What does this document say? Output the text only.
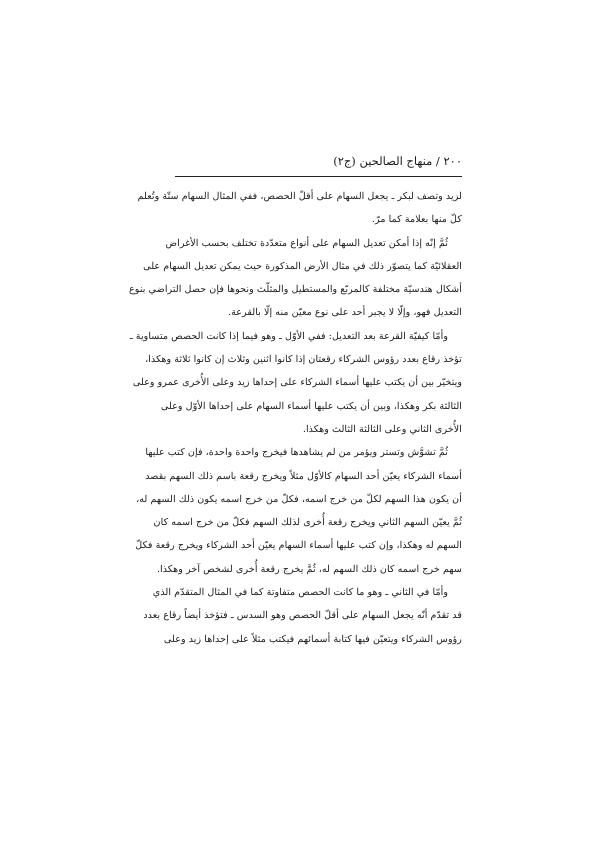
٢٠٠ / منهاج الصالحين (ج٢)
لزيد وتصف لبكر ـ يجعل السهام على أقلّ الحصص، ففي المثال السهام ستّة وتُعلم
كلّ منها بعلامة كما مرّ.
ثُمَّ إنّه إذا أمكن تعديل السهام على أنواع متعدّدة تختلف بحسب الأغراض
العقلائيّة كما يتصوّر ذلك في مثال الأرض المذكورة حيث يمكن تعديل السهام على
أشكال هندسيّة مختلفة كالمربّع والمستطيل والمثلّث ونحوها فإن حصل التراضي بنوع
التعديل فهو، وإلّا لا يجبر أحد على نوع معيّن منه إلّا بالقرعة.
وأمّا كيفيّة القرعة بعد التعديل: ففي الأوّل ـ وهو فيما إذا كانت الحصص متساوية ـ
تؤخذ رقاع بعدد رؤوس الشركاء رقعتان إذا كانوا اثنين وثلاث إن كانوا ثلاثة وهكذا،
ويتخيّر بين أن يكتب عليها أسماء الشركاء على إحداها زيد وعلى الأُخرى عمرو وعلى
الثالثة بكر وهكذا، وبين أن يكتب عليها أسماء السهام على إحداها الأوّل وعلى
الأُخرى الثاني وعلى الثالثة الثالث وهكذا.
ثُمَّ تشوَّش وتستر ويؤمر من لم يشاهدها فيخرج واحدة واحدة، فإن كتب عليها
أسماء الشركاء يعيّن أحد السهام كالأوّل مثلاً ويخرج رقعة باسم ذلك السهم بقصد
أن يكون هذا السهم لكلّ من خرج اسمه، فكلّ من خرج اسمه يكون ذلك السهم له،
ثُمَّ يعيّن السهم الثاني ويخرج رقعة أُخرى لذلك السهم فكلّ من خرج اسمه كان
السهم له وهكذا، وإن كتب عليها أسماء السهام يعيّن أحد الشركاء ويخرج رقعة فكلّ
سهم خرج اسمه كان ذلك السهم له، ثُمَّ يخرج رقعة أُخرى لشخص آخر وهكذا.
وأمّا في الثاني ـ وهو ما كانت الحصص متفاوتة كما في المثال المتقدّم الذي
قد تقدّم أنّه يجعل السهام على أقلّ الحصص وهو السدس ـ فتؤخذ أيضاً رقاع بعدد
رؤوس الشركاء ويتعيّن فيها كتابة أسمائهم فيكتب مثلاً على إحداها زيد وعلى
